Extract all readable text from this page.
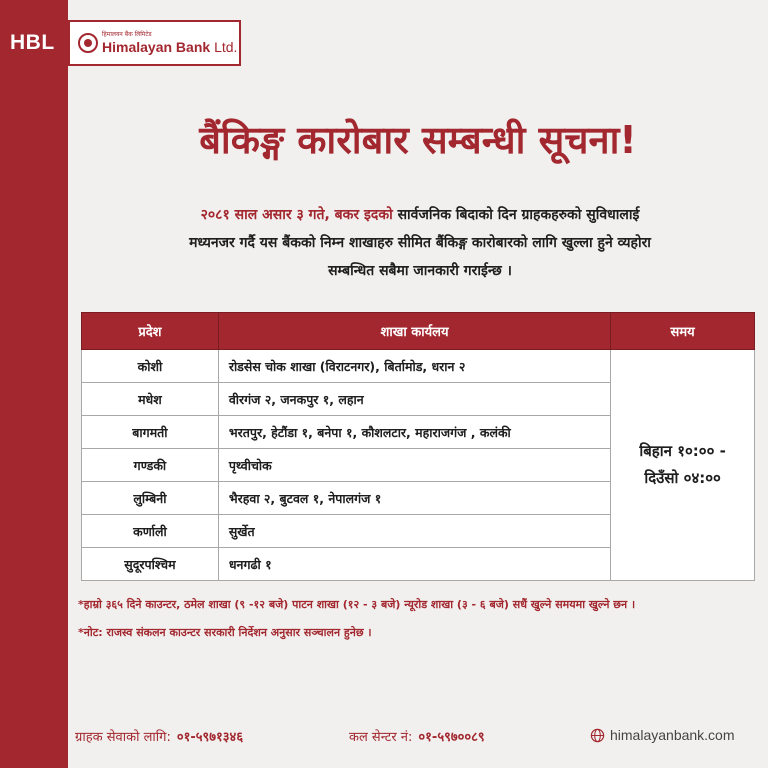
HBL	हिमालयन बैंक लिमिटेड
Himalayan Bank Ltd.
बैंकिङ्ग कारोबार सम्बन्धी सूचना!
२०८१ साल असार ३ गते, बकर इदको सार्वजनिक बिदाको दिन ग्राहकहरुको सुविधालाई
मध्यनजर गर्दै यस बैंकको निम्न शाखाहरु सीमित बैंकिङ्ग कारोबारको लागि खुल्ला हुने व्यहोरा
सम्बन्धित सबैमा जानकारी गराईन्छ ।
प्रदेश	शाखा कार्यलय	समय
कोशी	रोडसेस चोक शाखा (विराटनगर), बिर्तामोड, धरान २	बिहान १०:०० -
दिउँसो ०४:००
मधेश	वीरगंज २, जनकपुर १, लहान	
बागमती	भरतपुर, हेटौंडा १, बनेपा १, कौशलटार, महाराजगंज , कलंकी	
गण्डकी	पृथ्वीचोक	
लुम्बिनी	भैरहवा २, बुटवल १, नेपालगंज १	
कर्णाली	सुर्खेत	
सुदूरपश्चिम	धनगढी १	
*हाम्रो ३६५ दिने काउन्टर, ठमेल शाखा (९ -१२ बजे) पाटन शाखा (१२ - ३ बजे) न्यूरोड शाखा (३ - ६ बजे) सधैं खुल्ने समयमा खुल्ने छन ।
*नोट: राजस्व संकलन काउन्टर सरकारी निर्देशन अनुसार सञ्चालन हुनेछ ।
ग्राहक सेवाको लागि: ०१-५९७१३४६	कल सेन्टर नं: ०१-५९७००८९	himalayanbank.com
